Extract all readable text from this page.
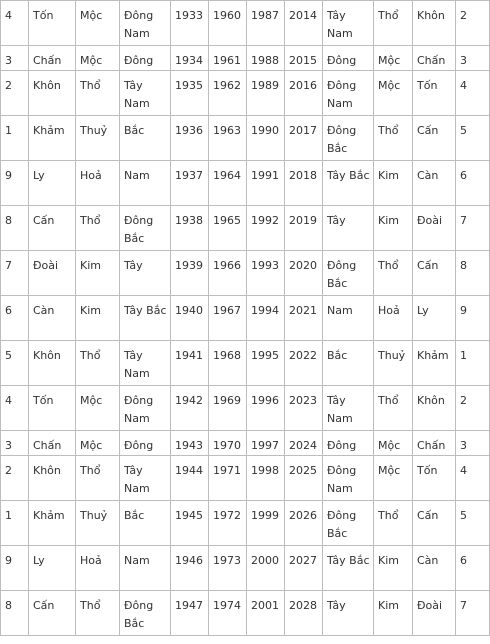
4	Tốn	Mộc	Đông Nam	1933	1960	1987	2014	Tây Nam	Thổ	Khôn	2
3	Chấn	Mộc	Đông	1934	1961	1988	2015	Đông	Mộc	Chấn	3
2	Khôn	Thổ	Tây Nam	1935	1962	1989	2016	Đông Nam	Mộc	Tốn	4
1	Khảm	Thuỷ	Bắc	1936	1963	1990	2017	Đông Bắc	Thổ	Cấn	5
9	Ly	Hoả	Nam	1937	1964	1991	2018	Tây Bắc	Kim	Càn	6
8	Cấn	Thổ	Đông Bắc	1938	1965	1992	2019	Tây	Kim	Đoài	7
7	Đoài	Kim	Tây	1939	1966	1993	2020	Đông Bắc	Thổ	Cấn	8
6	Càn	Kim	Tây Bắc	1940	1967	1994	2021	Nam	Hoả	Ly	9
5	Khôn	Thổ	Tây Nam	1941	1968	1995	2022	Bắc	Thuỷ	Khảm	1
4	Tốn	Mộc	Đông Nam	1942	1969	1996	2023	Tây Nam	Thổ	Khôn	2
3	Chấn	Mộc	Đông	1943	1970	1997	2024	Đông	Mộc	Chấn	3
2	Khôn	Thổ	Tây Nam	1944	1971	1998	2025	Đông Nam	Mộc	Tốn	4
1	Khảm	Thuỷ	Bắc	1945	1972	1999	2026	Đông Bắc	Thổ	Cấn	5
9	Ly	Hoả	Nam	1946	1973	2000	2027	Tây Bắc	Kim	Càn	6
8	Cấn	Thổ	Đông Bắc	1947	1974	2001	2028	Tây	Kim	Đoài	7
